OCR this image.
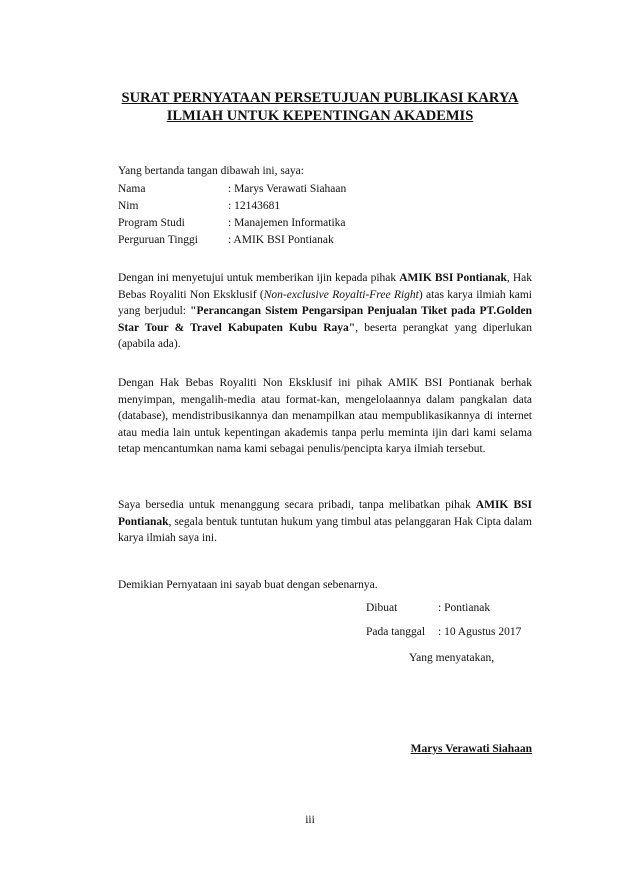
SURAT PERNYATAAN PERSETUJUAN PUBLIKASI KARYA
ILMIAH UNTUK KEPENTINGAN AKADEMIS
Yang bertanda tangan dibawah ini, saya:
Nama	: Marys Verawati Siahaan
Nim	: 12143681
Program Studi	: Manajemen Informatika
Perguruan Tinggi	: AMIK BSI Pontianak
Dengan ini menyetujui untuk memberikan ijin kepada pihak AMIK BSI Pontianak, Hak Bebas Royaliti Non Eksklusif (Non-exclusive Royalti-Free Right) atas karya ilmiah kami yang berjudul: "Perancangan Sistem Pengarsipan Penjualan Tiket pada PT.Golden Star Tour & Travel Kabupaten Kubu Raya", beserta perangkat yang diperlukan (apabila ada).
Dengan Hak Bebas Royaliti Non Eksklusif ini pihak AMIK BSI Pontianak berhak menyimpan, mengalih-media atau format-kan, mengelolaannya dalam pangkalan data (database), mendistribusikannya dan menampilkan atau mempublikasikannya di internet atau media lain untuk kepentingan akademis tanpa perlu meminta ijin dari kami selama tetap mencantumkan nama kami sebagai penulis/pencipta karya ilmiah tersebut.
Saya bersedia untuk menanggung secara pribadi, tanpa melibatkan pihak AMIK BSI Pontianak, segala bentuk tuntutan hukum yang timbul atas pelanggaran Hak Cipta dalam karya ilmiah saya ini.
Demikian Pernyataan ini sayab buat dengan sebenarnya.
Dibuat	: Pontianak
Pada tanggal : 10 Agustus 2017
Yang menyatakan,
Marys Verawati Siahaan
iii
